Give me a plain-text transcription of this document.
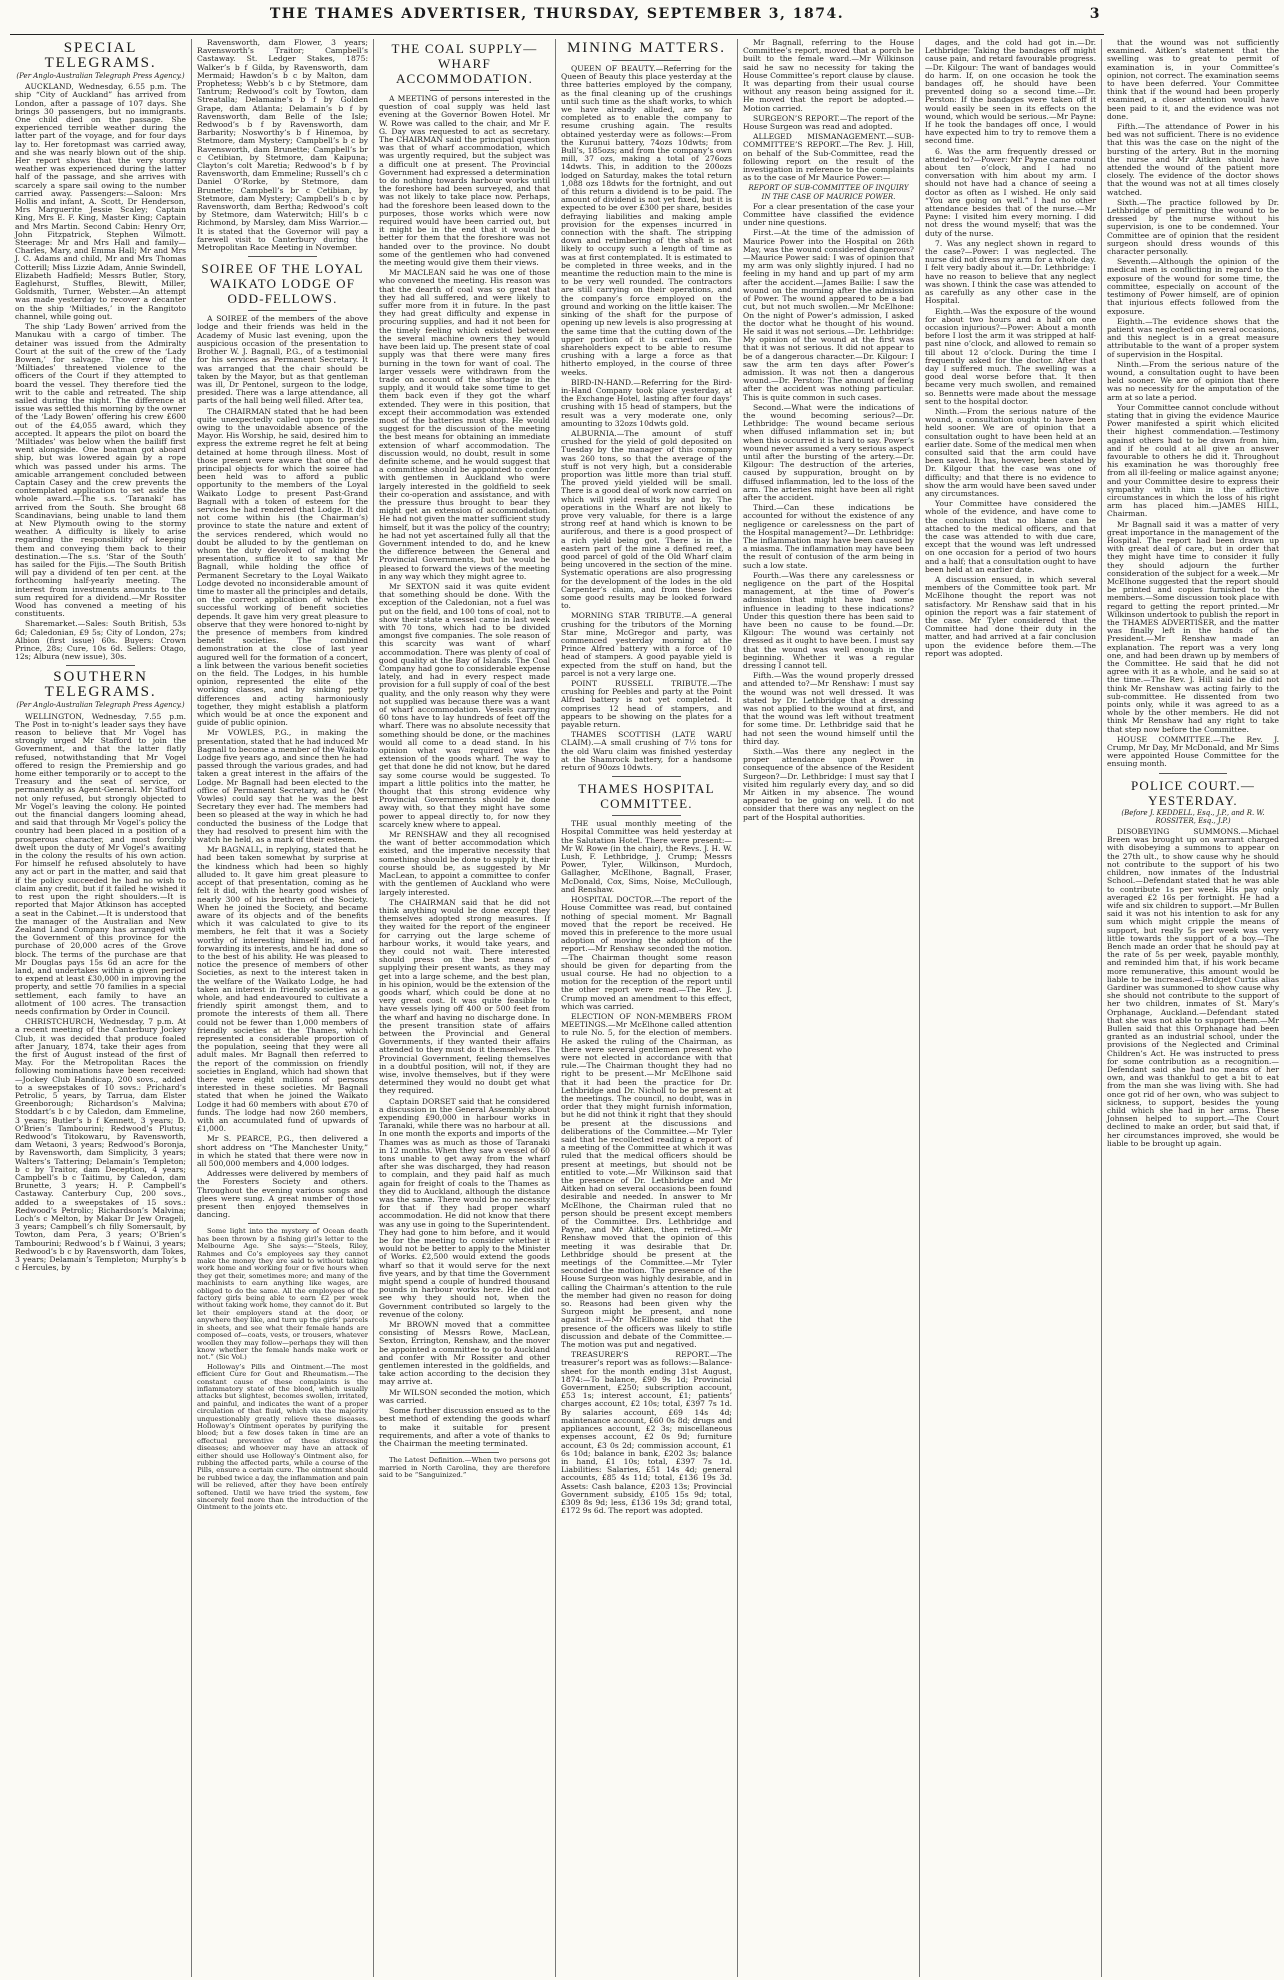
THE THAMES ADVERTISER, THURSDAY, SEPTEMBER 3, 1874.	3
SPECIAL TELEGRAMS.
(Per Anglo-Australian Telegraph Press Agency.)

AUCKLAND, Wednesday, 6.55 p.m. The ship “City of Auckland” has arrived from London, after a passage of 107 days. She brings 30 passengers, but no immigrants. One child died on the passage. She experienced terrible weather during the latter part of the voyage, and for four days lay to. Her foretopmast was carried away, and she was nearly blown out of the ship. Her report shows that the very stormy weather was experienced during the latter half of the passage, and she arrives with scarcely a spare sail owing to the number carried away. Passengers:—Saloon: Mrs Hollis and infant, A. Scott, Dr Henderson, Mrs Marguerite Jessie Scaley; Captain King, Mrs E. F. King, Master King; Captain and Mrs Martin. Second Cabin: Henry Orr, John Fitzpatrick, Stephen Wilmott. Steerage: Mr and Mrs Hall and family—Charles, Mary, and Emma Hall; Mr and Mrs J. C. Adams and child, Mr and Mrs Thomas Cotterill; Miss Lizzie Adam, Annie Swindell, Elizabeth Hadfield; Messrs Butler, Story, Eaglehurst, Stuffles, Blewitt, Miller, Goldsmith, Turner, Webster.—An attempt was made yesterday to recover a decanter on the ship ‘Miltiades,’ in the Rangitoto channel, while going out.

The ship ‘Lady Bowen’ arrived from the Manukau with a cargo of timber. The detainer was issued from the Admiralty Court at the suit of the crew of the ‘Lady Bowen,’ for salvage. The crew of the ‘Miltiades’ threatened violence to the officers of the Court if they attempted to board the vessel. They therefore tied the writ to the cable and retreated. The ship sailed during the night. The difference at issue was settled this morning by the owner of the ‘Lady Bowen’ offering his crew £600 out of the £4,055 award, which they accepted. It appears the pilot on board the ‘Miltiades’ was below when the bailiff first went alongside. One boatman got aboard ship, but was lowered again by a rope which was passed under his arms. The amicable arrangement concluded between Captain Casey and the crew prevents the contemplated application to set aside the whole award.—The s.s. ‘Taranaki’ has arrived from the South. She brought 68 Scandinavians, being unable to land them at New Plymouth owing to the stormy weather. A difficulty is likely to arise regarding the responsibility of keeping them and conveying them back to their destination.—The s.s. ‘Star of the South’ has sailed for the Fijis.—The South British will pay a dividend of ten per cent. at the forthcoming half-yearly meeting. The interest from investments amounts to the sum required for a dividend.—Mr Rossiter Wood has convened a meeting of his constituents.

Sharemarket.—Sales: South British, 53s 6d; Caledonian, £9 5s; City of London, 27s; Albion (first issue) 60s. Buyers: Crown Prince, 28s; Cure, 10s 6d. Sellers: Otago, 12s; Albura (new issue), 30s.

SOUTHERN TELEGRAMS.
(Per Anglo-Australian Telegraph Press Agency.)

WELLINGTON, Wednesday, 7.55 p.m. The Post in to-night’s leader says they have reason to believe that Mr Vogel has strongly urged Mr Stafford to join the Government, and that the latter flatly refused, notwithstanding that Mr Vogel offered to resign the Premiership and go home either temporarily or to accept to the Treasury and the seat of service, or permanently as Agent-General. Mr Stafford not only refused, but strongly objected to Mr Vogel’s leaving the colony. He pointed out the financial dangers looming ahead, and said that through Mr Vogel’s policy the country had been placed in a position of a prosperous character, and most forcibly dwelt upon the duty of Mr Vogel’s awaiting in the colony the results of his own action. For himself he refused absolutely to have any act or part in the matter, and said that if the policy succeeded he had no wish to claim any credit, but if it failed he wished it to rest upon the right shoulders.—It is reported that Major Atkinson has accepted a seat in the Cabinet.—It is understood that the manager of the Australian and New Zealand Land Company has arranged with the Government of this province for the purchase of 20,000 acres of the Grove block. The terms of the purchase are that Mr Douglas pays 15s 6d an acre for the land, and undertakes within a given period to expend at least £30,000 in improving the property, and settle 70 families in a special settlement, each family to have an allotment of 100 acres. The transaction needs confirmation by Order in Council.

CHRISTCHURCH, Wednesday, 7 p.m. At a recent meeting of the Canterbury Jockey Club, it was decided that produce foaled after January, 1874, take their ages from the first of August instead of the first of May. For the Metropolitan Races the following nominations have been received:—Jockey Club Handicap, 200 sovs., added to a sweepstakes of 10 sovs.: Prichard’s Petrolic, 5 years, by Tarrua, dam Elster Greenborough; Richardson’s Malvina; Stoddart’s b c by Caledon, dam Emmeline, 3 years; Butler’s b f Kennett, 3 years; D. O’Brien’s Tambourini; Redwood’s Plutus; Redwood’s Titokowaru, by Ravensworth, dam Wetaoni, 3 years; Redwood’s Boronja, by Ravensworth, dam Simplicity, 3 years; Walters’s Tattering; Delamain’s Templeton; b c by Traitor, dam Deception, 4 years; Campbell’s b c Taitimu, by Caledon, dam Brunette, 3 years; H. P. Campbell’s Castaway. Canterbury Cup, 200 sovs., added to a sweepstakes of 15 sovs.: Redwood’s Petrolic; Richardson’s Malvina; Loch’s c Melton, by Makar Dr Jew Orageli, 3 years; Campbell’s ch filly Somersault, by Towton, dam Pera, 3 years; O’Brien’s Tambourini; Redwood’s b f Wainui, 3 years; Redwood’s b c by Ravensworth, dam Tokes, 3 years; Delamain’s Templeton; Murphy’s b c Hercules, by

Ravensworth, dam Flower, 3 years; Ravensworth’s Traitor; Campbell’s Castaway. St. Ledger Stakes, 1875: Walker’s b f Gilda, by Ravensworth, dam Mermaid; Hawdon’s b c by Malton, dam Prophetess; Webb’s b c by Stetmore, dam Tantrum; Redwood’s colt by Towton, dam Streatalla; Delamaine’s b f by Golden Grape, dam Atlanta; Delamain’s b f by Ravensworth, dam Belle of the Isle; Redwood’s b f by Ravensworth, dam Barbarity; Nosworthy’s b f Hinemoa, by Stetmore, dam Mystery; Campbell’s b c by Ravensworth, dam Brunette; Campbell’s br c Cetibian, by Stetmore, dam Kaipuna; Clayton’s colt Maretia; Redwood’s b f by Ravensworth, dam Emmeline; Russell’s ch c Daniel O’Rorke, by Stetmore, dam Brunette; Campbell’s br c Cetibian, by Stetmore, dam Mystery; Campbell’s b c by Ravensworth, dam Bertha; Redwood’s colt by Stetmore, dam Waterwitch; Hill’s b c Richmond, by Marsley, dam Miss Warrior.—It is stated that the Governor will pay a farewell visit to Canterbury during the Metropolitan Race Meeting in November.

SOIREE OF THE LOYAL WAIKATO LODGE OF ODD-FELLOWS.

A SOIREE of the members of the above lodge and their friends was held in the Academy of Music last evening, upon the auspicious occasion of the presentation to Brother W. J. Bagnall, P.G., of a testimonial for his services as Permanent Secretary. It was arranged that the chair should be taken by the Mayor, but as that gentleman was ill, Dr Pentonel, surgeon to the lodge, presided. There was a large attendance, all parts of the hall being well filled. After tea,

The CHAIRMAN stated that he had been quite unexpectedly called upon to preside owing to the unavoidable absence of the Mayor. His Worship, he said, desired him to express the extreme regret he felt at being detained at home through illness. Most of those present were aware that one of the principal objects for which the soiree had been held was to afford a public opportunity to the members of the Loyal Waikato Lodge to present Past-Grand Bagnall with a token of esteem for the services he had rendered that Lodge. It did not come within his (the Chairman’s) province to state the nature and extent of the services rendered, which would no doubt be alluded to by the gentleman on whom the duty devolved of making the presentation, suffice it to say that Mr Bagnall, while holding the office of Permanent Secretary to the Loyal Waikato Lodge devoted no inconsiderable amount of time to master all the principles and details, on the correct application of which the successful working of benefit societies depends. It gave him very great pleasure to observe that they were honored to-night by the presence of members from kindred benefit societies. The combined demonstration at the close of last year augured well for the formation of a concert, a link between the various benefit societies on the field. The Lodges, in his humble opinion, represented the elite of the working classes, and by sinking petty differences and acting harmoniously together, they might establish a platform which would be at once the exponent and guide of public opinion.

Mr VOWLES, P.G., in making the presentation, stated that he had induced Mr Bagnall to become a member of the Waikato Lodge five years ago, and since then he had passed through the various grades, and had taken a great interest in the affairs of the Lodge. Mr Bagnall had been elected to the office of Permanent Secretary, and he (Mr Vowles) could say that he was the best Secretary they ever had. The members had been so pleased at the way in which he had conducted the business of the Lodge that they had resolved to present him with the watch he held, as a mark of their esteem.

Mr BAGNALL, in replying, stated that he had been taken somewhat by surprise at the kindness which had been so highly alluded to. It gave him great pleasure to accept of that presentation, coming as he felt it did, with the hearty good wishes of nearly 300 of his brethren of the Society. When he joined the Society, and became aware of its objects and of the benefits which it was calculated to give to its members, he felt that it was a Society worthy of interesting himself in, and of forwarding its interests, and he had done so to the best of his ability. He was pleased to notice the presence of members of other Societies, as next to the interest taken in the welfare of the Waikato Lodge, he had taken an interest in friendly societies as a whole, and had endeavoured to cultivate a friendly spirit amongst them, and to promote the interests of them all. There could not be fewer than 1,000 members of friendly societies at the Thames, which represented a considerable proportion of the population, seeing that they were all adult males. Mr Bagnall then referred to the report of the commission on friendly societies in England, which had shown that there were eight millions of persons interested in these societies. Mr Bagnall stated that when he joined the Waikato Lodge it had 60 members with about £70 of funds. The lodge had now 260 members, with an accumulated fund of upwards of £1,000.

Mr S. PEARCE, P.G., then delivered a short address on “The Manchester Unity,” in which he stated that there were now in all 500,000 members and 4,000 lodges.

Addresses were delivered by members of the Foresters Society and others. Throughout the evening various songs and glees were sung. A great number of those present then enjoyed themselves in dancing.

Some light into the mystery of Ocean death has been thrown by a fishing girl’s letter to the Melbourne Age. She says:—“Steels, Riley, Rahmes and Co’s employees say they cannot make the money they are said to without taking work home and working four or five hours when they get their, sometimes more; and many of the machinists to earn anything like wages, are obliged to do the same. All the employees of the factory girls being able to earn £2 per week without taking work home, they cannot do it. But let their employers stand at the door, or anywhere they like, and turn up the girls’ parcels in sheets, and see what their female hands are composed of—coats, vests, or trousers, whatever woollen they may follow—perhaps they will then know whether the female hands make work or not.” (Sic Vol.)

Holloway’s Pills and Ointment.—The most efficient Cure for Gout and Rheumatism.—The constant cause of these complaints is the inflammatory state of the blood, which usually attacks but slightest, becomes swollen, irritated, and painful, and indicates the want of a proper circulation of that fluid, which via the majority unquestionably greatly relieve these diseases. Holloway’s Ointment operates by purifying the blood; but a few doses taken in time are an effectual preventive of these distressing diseases; and whoever may have an attack of either should use Holloway’s Ointment also, for rubbing the affected parts, while a course of the Pills, ensure a certain cure. The ointment should be rubbed twice a day, the inflammation and pain will be relieved, after they have been entirely softened. Until we have tried the system, few sincerely feel more than the introduction of the Ointment to the joints etc.

THE COAL SUPPLY—WHARF ACCOMMODATION.

A MEETING of persons interested in the question of coal supply was held last evening at the Governor Bowen Hotel. Mr W. Rowe was called to the chair, and Mr F. G. Day was requested to act as secretary. The CHAIRMAN said the principal question was that of wharf accommodation, which was urgently required, but the subject was a difficult one at present. The Provincial Government had expressed a determination to do nothing towards harbour works until the foreshore had been surveyed, and that was not likely to take place now. Perhaps, had the foreshore been leased down to the purposes, those works which were now required would have been carried out, but it might be in the end that it would be better for them that the foreshore was not handed over to the province. No doubt some of the gentlemen who had convened the meeting would give them their views.

Mr MACLEAN said he was one of those who convened the meeting. His reason was that the dearth of coal was so great that they had all suffered, and were likely to suffer more from it in future. In the past they had great difficulty and expense in procuring supplies, and had it not been for the timely feeling which existed between the several machine owners they would have been laid up. The present state of coal supply was that there were many fires burning in the town for want of coal. The larger vessels were withdrawn from the trade on account of the shortage in the supply, and it would take some time to get them back even if they got the wharf extended. They were in this position, that except their accommodation was extended most of the batteries must stop. He would suggest for the discussion of the meeting the best means for obtaining an immediate extension of wharf accommodation. The discussion would, no doubt, result in some definite scheme, and he would suggest that a committee should be appointed to confer with gentlemen in Auckland who were largely interested in the goldfield to seek their co-operation and assistance, and with the pressure thus brought to bear they might get an extension of accommodation. He had not given the matter sufficient study himself, but it was the policy of the country; he had not yet ascertained fully all that the Government intended to do, and he knew the difference between the General and Provincial Governments, but he would be pleased to forward the views of the meeting in any way which they might agree to.

Mr SEXTON said it was quite evident that something should be done. With the exception of the Caledonian, not a fuel was put on the field, and 100 tons of coal, not to show their state a vessel came in last week with 70 tons, which had to be divided amongst five companies. The sole reason of this scarcity was want of wharf accommodation. There was plenty of coal of good quality at the Bay of Islands. The Coal Company had gone to considerable expense lately, and had in every respect made provision for a full supply of coal of the best quality, and the only reason why they were not supplied was because there was a want of wharf accommodation. Vessels carrying 60 tons have to lay hundreds of feet off the wharf. There was no absolute necessity that something should be done, or the machines would all come to a dead stand. In his opinion what was required was the extension of the goods wharf. The way to get that done he did not know, but he dared say some course would be suggested. To impart a little politics into the matter, he thought that this strong evidence why Provincial Governments should be done away with, so that they might have some power to appeal directly to, for now they scarcely knew where to appeal.

Mr RENSHAW and they all recognised the want of better accommodation which existed, and the imperative necessity that something should be done to supply it, their course should be, as suggested by Mr MacLean, to appoint a committee to confer with the gentlemen of Auckland who were largely interested.

The CHAIRMAN said that he did not think anything would be done except they themselves adopted strong measures. If they waited for the report of the engineer for carrying out the large scheme of harbour works, it would take years, and they could not wait. There interested should press on the best means of supplying their present wants, as they may get into a large scheme, and the best plan, in his opinion, would be the extension of the goods wharf, which could be done at no very great cost. It was quite feasible to have vessels lying off 400 or 500 feet from the wharf and having no discharge done. In the present transition state of affairs between the Provincial and General Governments, if they wanted their affairs attended to they must do it themselves. The Provincial Government, feeling themselves in a doubtful position, will not, if they are wise, involve themselves, but if they were determined they would no doubt get what they required.

Captain DORSET said that he considered a discussion in the General Assembly about expending £90,000 in harbour works in Taranaki, while there was no harbour at all. In one month the exports and imports of the Thames was as much as those of Taranaki in 12 months. When they saw a vessel of 60 tons unable to get away from the wharf after she was discharged, they had reason to complain, and they paid half as much again for freight of coals to the Thames as they did to Auckland, although the distance was the same. There would be no necessity for that if they had proper wharf accommodation. He did not know that there was any use in going to the Superintendent. They had gone to him before, and it would be for the meeting to consider whether it would not be better to apply to the Minister of Works. £2,500 would extend the goods wharf so that it would serve for the next five years, and by that time the Government might spend a couple of hundred thousand pounds in harbour works here. He did not see why they should not, when the Government contributed so largely to the revenue of the colony.

Mr BROWN moved that a committee consisting of Messrs Rowe, MacLean, Sexton, Errington, Renshaw, and the mover be appointed a committee to go to Auckland and confer with Mr Rossiter and other gentlemen interested in the goldfields, and take action according to the decision they may arrive at.

Mr WILSON seconded the motion, which was carried.

Some further discussion ensued as to the best method of extending the goods wharf to make it suitable for present requirements, and after a vote of thanks to the Chairman the meeting terminated.

The Latest Definition.—When two persons got married in North Carolina, they are therefore said to be “Sanguinized.”

MINING MATTERS.

QUEEN OF BEAUTY.—Referring for the Queen of Beauty this place yesterday at the three batteries employed by the company, as the final cleaning up of the crushings until such time as the shaft works, to which we have already alluded, are so far completed as to enable the company to resume crushing again. The results obtained yesterday were as follows:—From the Kurunui battery, 74ozs 10dwts; from Bull’s, 185ozs; and from the company’s own mill, 37 ozs, making a total of 276ozs 14dwts. This, in addition to the 200ozs lodged on Saturday, makes the total return 1,088 ozs 18dwts for the fortnight, and out of this return a dividend is to be paid. The amount of dividend is not yet fixed, but it is expected to be over £300 per share, besides defraying liabilities and making ample provision for the expenses incurred in connection with the shaft. The stripping down and retimbering of the shaft is not likely to occupy such a length of time as was at first contemplated. It is estimated to be completed in three weeks, and in the meantime the reduction main to the mine is to be very well rounded. The contractors are still carrying on their operations, and the company’s force employed on the ground and working on the little kaiser. The sinking of the shaft for the purpose of opening up new levels is also progressing at the same time that the cutting down of the upper portion of it is carried on. The shareholders expect to be able to resume crushing with a large a force as that hitherto employed, in the course of three weeks.

BIRD-IN-HAND.—Referring for the Bird-in-Hand Company took place yesterday, at the Exchange Hotel, lasting after four days’ crushing with 15 head of stampers, but the result was a very moderate one, only amounting to 32ozs 10dwts gold.

ALBURNIA.—The amount of stuff crushed for the yield of gold deposited on Tuesday by the manager of this company was 260 tons, so that the average of the stuff is not very high, but a considerable proportion was little more than trial stuff. The proved yield yielded will be small. There is a good deal of work now carried on which will yield results by and by. The operations in the Wharf are not likely to prove very valuable, for there is a large strong reef at hand which is known to be auriferous, and there is a good prospect of a rich yield being got. There is in the eastern part of the mine a defined reef, a good parcel of gold of the Old Wharf claim being uncovered in the section of the mine. Systematic operations are also progressing for the development of the lodes in the old Carpenter’s claim, and from these lodes some good results may be looked forward to.

MORNING STAR TRIBUTE.—A general crushing for the tributors of the Morning Star mine, McGregor and party, was commenced yesterday morning at the Prince Alfred battery with a force of 10 head of stampers. A good payable yield is expected from the stuff on hand, but the parcel is not a very large one.

POINT RUSSELL TRIBUTE.—The crushing for Peebles and party at the Point Alfred battery is not yet completed. It comprises 12 head of stampers, and appears to be showing on the plates for a payable return.

THAMES SCOTTISH (LATE WARU CLAIM).—A small crushing of 7½ tons for the old Waru claim was finished yesterday at the Shamrock battery, for a handsome return of 90ozs 10dwts.

THAMES HOSPITAL COMMITTEE.

THE usual monthly meeting of the Hospital Committee was held yesterday at the Salutation Hotel. There were present:—Mr W. Rowe (in the chair), the Revs. J. H. W. Lush, F. Lethbridge, J. Crump; Messrs Power, Tyler, Wilkinson, Murdoch, Gallagher, McElhone, Bagnall, Fraser, McDonald, Cox, Sims, Noise, McCullough, and Renshaw.

HOSPITAL DOCTOR.—The report of the House Committee was read, but contained nothing of special moment. Mr Bagnall moved that the report be received. He moved this in preference to the more usual adoption of moving the adoption of the report.—Mr Renshaw seconded the motion.—The Chairman thought some reason should be given for departing from the usual course. He had no objection to a motion for the reception of the report until the other report were read.—The Rev. J. Crump moved an amendment to this effect, which was carried.

ELECTION OF NON-MEMBERS FROM MEETINGS.—Mr McElhone called attention to rule No. 5, for the election of members. He asked the ruling of the Chairman, as there were several gentlemen present who were not elected in accordance with that rule.—The Chairman thought they had no right to be present.—Mr McElhone said that it had been the practice for Dr. Lethbridge and Dr. Nicholl to be present at the meetings. The council, no doubt, was in order that they might furnish information, but he did not think it right that they should be present at the discussions and deliberations of the Committee.—Mr Tyler said that he recollected reading a report of a meeting of the Committee at which it was ruled that the medical officers should be present at meetings, but should not be entitled to vote.—Mr Wilkinson said that the presence of Dr. Lethbridge and Mr Aitken had on several occasions been found desirable and needed. In answer to Mr McElhone, the Chairman ruled that no person should be present except members of the Committee. Drs. Lethbridge and Payne, and Mr Aitken, then retired.—Mr Renshaw moved that the opinion of this meeting it was desirable that Dr. Lethbridge should be present at the meetings of the Committee.—Mr Tyler seconded the motion. The presence of the House Surgeon was highly desirable, and in calling the Chairman’s attention to the rule the member had given no reason for doing so. Reasons had been given why the Surgeon might be present, and none against it.—Mr McElhone said that the presence of the officers was likely to stifle discussion and debate of the Committee.—The motion was put and negatived.

TREASURER’S REPORT.—The treasurer’s report was as follows:—Balance-sheet for the month ending 31st August, 1874:—To balance, £90 9s 1d; Provincial Government, £250; subscription account, £53 1s; interest account, £1; patients’ charges account, £2 10s; total, £397 7s 1d. By salaries account, £69 14s 4d; maintenance account, £60 0s 8d; drugs and appliances account, £2 3s; miscellaneous expenses account, £2 0s 9d; furniture account, £3 0s 2d; commission account, £1 6s 10d; balance in bank, £202 3s; balance in hand, £1 10s; total, £397 7s 1d. Liabilities: Salaries, £51 14s 4d; general accounts, £85 4s 11d; total, £136 19s 3d. Assets: Cash balance, £203 13s; Provincial Government subsidy, £105 15s 9d; total, £309 8s 9d; less, £136 19s 3d; grand total, £172 9s 6d. The report was adopted.

Mr Bagnall, referring to the House Committee’s report, moved that a porch be built to the female ward.—Mr Wilkinson said he saw no necessity for taking the House Committee’s report clause by clause. It was departing from their usual course without any reason being assigned for it. He moved that the report be adopted.—Motion carried.

SURGEON’S REPORT.—The report of the House Surgeon was read and adopted.

ALLEGED MISMANAGEMENT.—SUB-COMMITTEE’S REPORT.—The Rev. J. Hill, on behalf of the Sub-Committee, read the following report on the result of the investigation in reference to the complaints as to the case of Mr Maurice Power:—

REPORT OF SUB-COMMITTEE OF INQUIRY IN THE CASE OF MAURICE POWER.

For a clear presentation of the case your Committee have classified the evidence under nine questions.

First.—At the time of the admission of Maurice Power into the Hospital on 26th May, was the wound considered dangerous?—Maurice Power said: I was of opinion that my arm was only slightly injured. I had no feeling in my hand and up part of my arm after the accident.—James Bailie: I saw the wound on the morning after the admission of Power. The wound appeared to be a bad cut, but not much swollen.—Mr McElhone: On the night of Power’s admission, I asked the doctor what he thought of his wound. He said it was not serious.—Dr. Lethbridge: My opinion of the wound at the first was that it was not serious. It did not appear to be of a dangerous character.—Dr. Kilgour: I saw the arm ten days after Power’s admission. It was not then a dangerous wound.—Dr. Perston: The amount of feeling after the accident was nothing particular. This is quite common in such cases.

Second.—What were the indications of the wound becoming serious?—Dr. Lethbridge: The wound became serious when diffused inflammation set in; but when this occurred it is hard to say. Power’s wound never assumed a very serious aspect until after the bursting of the artery.—Dr. Kilgour: The destruction of the arteries, caused by suppuration, brought on by diffused inflammation, led to the loss of the arm. The arteries might have been all right after the accident.

Third.—Can these indications be accounted for without the existence of any negligence or carelessness on the part of the Hospital management?—Dr. Lethbridge: The inflammation may have been caused by a miasma. The inflammation may have been the result of contusion of the arm being in such a low state.

Fourth.—Was there any carelessness or negligence on the part of the Hospital management, at the time of Power’s admission that might have had some influence in leading to these indications? Under this question there has been said to have been no cause to be found.—Dr. Kilgour: The wound was certainly not dressed as it ought to have been. I must say that the wound was well enough in the beginning. Whether it was a regular dressing I cannot tell.

Fifth.—Was the wound properly dressed and attended to?—Mr Renshaw: I must say the wound was not well dressed. It was stated by Dr. Lethbridge that a dressing was not applied to the wound at first, and that the wound was left without treatment for some time. Dr. Lethbridge said that he had not seen the wound himself until the third day.

Sixth.—Was there any neglect in the proper attendance upon Power in consequence of the absence of the Resident Surgeon?—Dr. Lethbridge: I must say that I visited him regularly every day, and so did Mr Aitken in my absence. The wound appeared to be going on well. I do not consider that there was any neglect on the part of the Hospital authorities.

dages, and the cold had got in.—Dr. Lethbridge: Taking the bandages off might cause pain, and retard favourable progress.—Dr. Kilgour: The want of bandages would do harm. If, on one occasion he took the bandages off, he should have been prevented doing so a second time.—Dr. Perston: If the bandages were taken off it would easily be seen in its effects on the wound, which would be serious.—Mr Payne: If he took the bandages off once, I would have expected him to try to remove them a second time.

6. Was the arm frequently dressed or attended to?—Power: Mr Payne came round about ten o’clock, and I had no conversation with him about my arm. I should not have had a chance of seeing a doctor as often as I wished. He only said “You are going on well.” I had no other attendance besides that of the nurse.—Mr Payne: I visited him every morning. I did not dress the wound myself; that was the duty of the nurse.

7. Was any neglect shown in regard to the case?—Power: I was neglected. The nurse did not dress my arm for a whole day. I felt very badly about it.—Dr. Lethbridge: I have no reason to believe that any neglect was shown. I think the case was attended to as carefully as any other case in the Hospital.

Eighth.—Was the exposure of the wound for about two hours and a half on one occasion injurious?—Power: About a month before I lost the arm it was stripped at half-past nine o’clock, and allowed to remain so till about 12 o’clock. During the time I frequently asked for the doctor. After that day I suffered much. The swelling was a good deal worse before that. It then became very much swollen, and remained so. Bennetts were made about the message sent to the hospital doctor.

Ninth.—From the serious nature of the wound, a consultation ought to have been held sooner. We are of opinion that a consultation ought to have been held at an earlier date. Some of the medical men when consulted said that the arm could have been saved. It has, however, been stated by Dr. Kilgour that the case was one of difficulty; and that there is no evidence to show the arm would have been saved under any circumstances.

Your Committee have considered the whole of the evidence, and have come to the conclusion that no blame can be attached to the medical officers, and that the case was attended to with due care, except that the wound was left undressed on one occasion for a period of two hours and a half; that a consultation ought to have been held at an earlier date.

A discussion ensued, in which several members of the Committee took part. Mr McElhone thought the report was not satisfactory. Mr Renshaw said that in his opinion the report was a fair statement of the case. Mr Tyler considered that the Committee had done their duty in the matter, and had arrived at a fair conclusion upon the evidence before them.—The report was adopted.

that the wound was not sufficiently examined. Aitken’s statement that the swelling was to great to permit of examination is, in your Committee’s opinion, not correct. The examination seems to have been deferred. Your Committee think that if the wound had been properly examined, a closer attention would have been paid to it, and the evidence was not done.

Fifth.—The attendance of Power in his bed was not sufficient. There is no evidence that this was the case on the night of the bursting of the artery. But in the morning the nurse and Mr Aitken should have attended the wound of the patient more closely. The evidence of the doctor shows that the wound was not at all times closely watched.

Sixth.—The practice followed by Dr. Lethbridge of permitting the wound to be dressed by the nurse without his supervision, is one to be condemned. Your Committee are of opinion that the resident surgeon should dress wounds of this character personally.

Seventh.—Although the opinion of the medical men is conflicting in regard to the exposure of the wound for some time, the committee, especially on account of the testimony of Power himself, are of opinion that injurious effects followed from the exposure.

Eighth.—The evidence shows that the patient was neglected on several occasions, and this neglect is in a great measure attributable to the want of a proper system of supervision in the Hospital.

Ninth.—From the serious nature of the wound, a consultation ought to have been held sooner. We are of opinion that there was no necessity for the amputation of the arm at so late a period.

Your Committee cannot conclude without stating that in giving the evidence Maurice Power manifested a spirit which elicited their highest commendation.—Testimony against others had to be drawn from him, and if he could at all give an answer favourable to others he did it. Throughout his examination he was thoroughly free from all ill-feeling or malice against anyone; and your Committee desire to express their sympathy with him in the afflictive circumstances in which the loss of his right arm has placed him.—JAMES HILL, Chairman.

Mr Bagnall said it was a matter of very great importance in the management of the Hospital. The report had been drawn up with great deal of care, but in order that they might have time to consider it fully they should adjourn the further consideration of the subject for a week.—Mr McElhone suggested that the report should be printed and copies furnished to the members.—Some discussion took place with regard to getting the report printed.—Mr Wilkinson undertook to publish the report in the THAMES ADVERTISER, and the matter was finally left in the hands of the President.—Mr Renshaw made an explanation. The report was a very long one, and had been drawn up by members of the Committee. He said that he did not agree with it as a whole, and he said so at the time.—The Rev. J. Hill said he did not think Mr Renshaw was acting fairly to the sub-committee. He dissented from two points only, while it was agreed to as a whole by the other members. He did not think Mr Renshaw had any right to take that step now before the Committee.

HOUSE COMMITTEE.—The Rev. J. Crump, Mr Day, Mr McDonald, and Mr Sims were appointed House Committee for the ensuing month.

POLICE COURT.—YESTERDAY.
(Before J. KEDDELL, Esq., J.P., and R. W. ROSSITER, Esq., J.P.)

DISOBEYING SUMMONS.—Michael Breen was brought up on warrant charged with disobeying a summons to appear on the 27th ult., to show cause why he should not contribute to the support of his two children, now inmates of the Industrial School.—Defendant stated that he was able to contribute 1s per week. His pay only averaged £2 16s per fortnight. He had a wife and six children to support.—Mr Bullen said it was not his intention to ask for any sum which might cripple the means of support, but really 5s per week was very little towards the support of a boy.—The Bench made an order that he should pay at the rate of 5s per week, payable monthly, and reminded him that, if his work became more remunerative, this amount would be liable to be increased.—Bridget Curtis alias Gardiner was summoned to show cause why she should not contribute to the support of her two children, inmates of St. Mary’s Orphanage, Auckland.—Defendant stated that she was not able to support them.—Mr Bullen said that this Orphanage had been granted as an industrial school, under the provisions of the Neglected and Criminal Children’s Act. He was instructed to press for some contribution as a recognition.—Defendant said she had no means of her own, and was thankful to get a bit to eat from the man she was living with. She had once got rid of her own, who was subject to sickness, to support, besides the young child which she had in her arms. These Johnsen helped to support.—The Court declined to make an order, but said that, if her circumstances improved, she would be liable to be brought up again.
